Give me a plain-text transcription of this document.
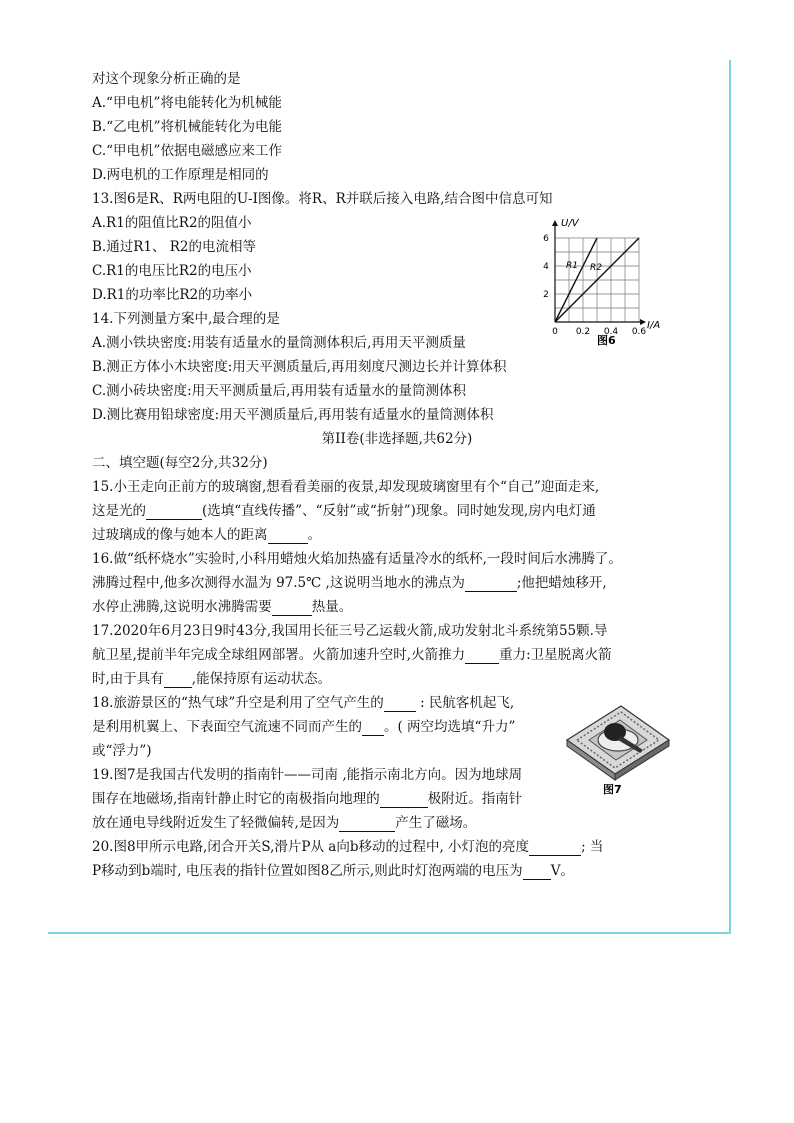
对这个现象分析正确的是
A.“甲电机”将电能转化为机械能
B.“乙电机”将机械能转化为电能
C.“甲电机”依据电磁感应来工作
D.两电机的工作原理是相同的
13.图6是R、R两电阻的U-I图像。将R、R并联后接入电路,结合图中信息可知
A.R1的阻值比R2的阻值小
B.通过R1、 R2的电流相等
C.R1的电压比R2的电压小
D.R1的功率比R2的功率小
U/V
I/A
2
4
6
0 0.2 0.4 0.6
R1 R2
图6
14.下列测量方案中,最合理的是
A.测小铁块密度:用装有适量水的量筒测体积后,再用天平测质量
B.测正方体小木块密度:用天平测质量后,再用刻度尺测边长并计算体积
C.测小砖块密度:用天平测质量后,再用装有适量水的量筒测体积
D.测比赛用铅球密度:用天平测质量后,再用装有适量水的量筒测体积
第II卷(非选择题,共62分)
二、填空题(每空2分,共32分)
15.小王走向正前方的玻璃窗,想看看美丽的夜景,却发现玻璃窗里有个“自己”迎面走来,
这是光的	(选填“直线传播”、“反射”或“折射”)现象。同时她发现,房内电灯通
过玻璃成的像与她本人的距离	。
16.做“纸杯烧水”实验时,小科用蜡烛火焰加热盛有适量冷水的纸杯,一段时间后水沸腾了。
沸腾过程中,他多次测得水温为 97.5℃ ,这说明当地水的沸点为	;他把蜡烛移开,
水停止沸腾,这说明水沸腾需要	热量。
17.2020年6月23日9时43分,我国用长征三号乙运载火箭,成功发射北斗系统第55颗.导
航卫星,提前半年完成全球组网部署。火箭加速升空时,火箭推力	重力:卫星脱离火箭
时,由于具有 ,能保持原有运动状态。
18.旅游景区的“热气球”升空是利用了空气产生的 : 民航客机起飞,
是利用机翼上、下表面空气流速不同而产生的 。( 两空均选填“升力”
或“浮力”)
图7
19.图7是我国古代发明的指南针——司南 ,能指示南北方向。因为地球周
围存在地磁场,指南针静止时它的南极指向地理的	极附近。指南针
放在通电导线附近发生了轻微偏转,是因为	产生了磁场。
20.图8甲所示电路,闭合开关S,滑片P从 a向b移动的过程中, 小灯泡的亮度	; 当
P移动到b端时, 电压表的指针位置如图8乙所示,则此时灯泡两端的电压为 V。
